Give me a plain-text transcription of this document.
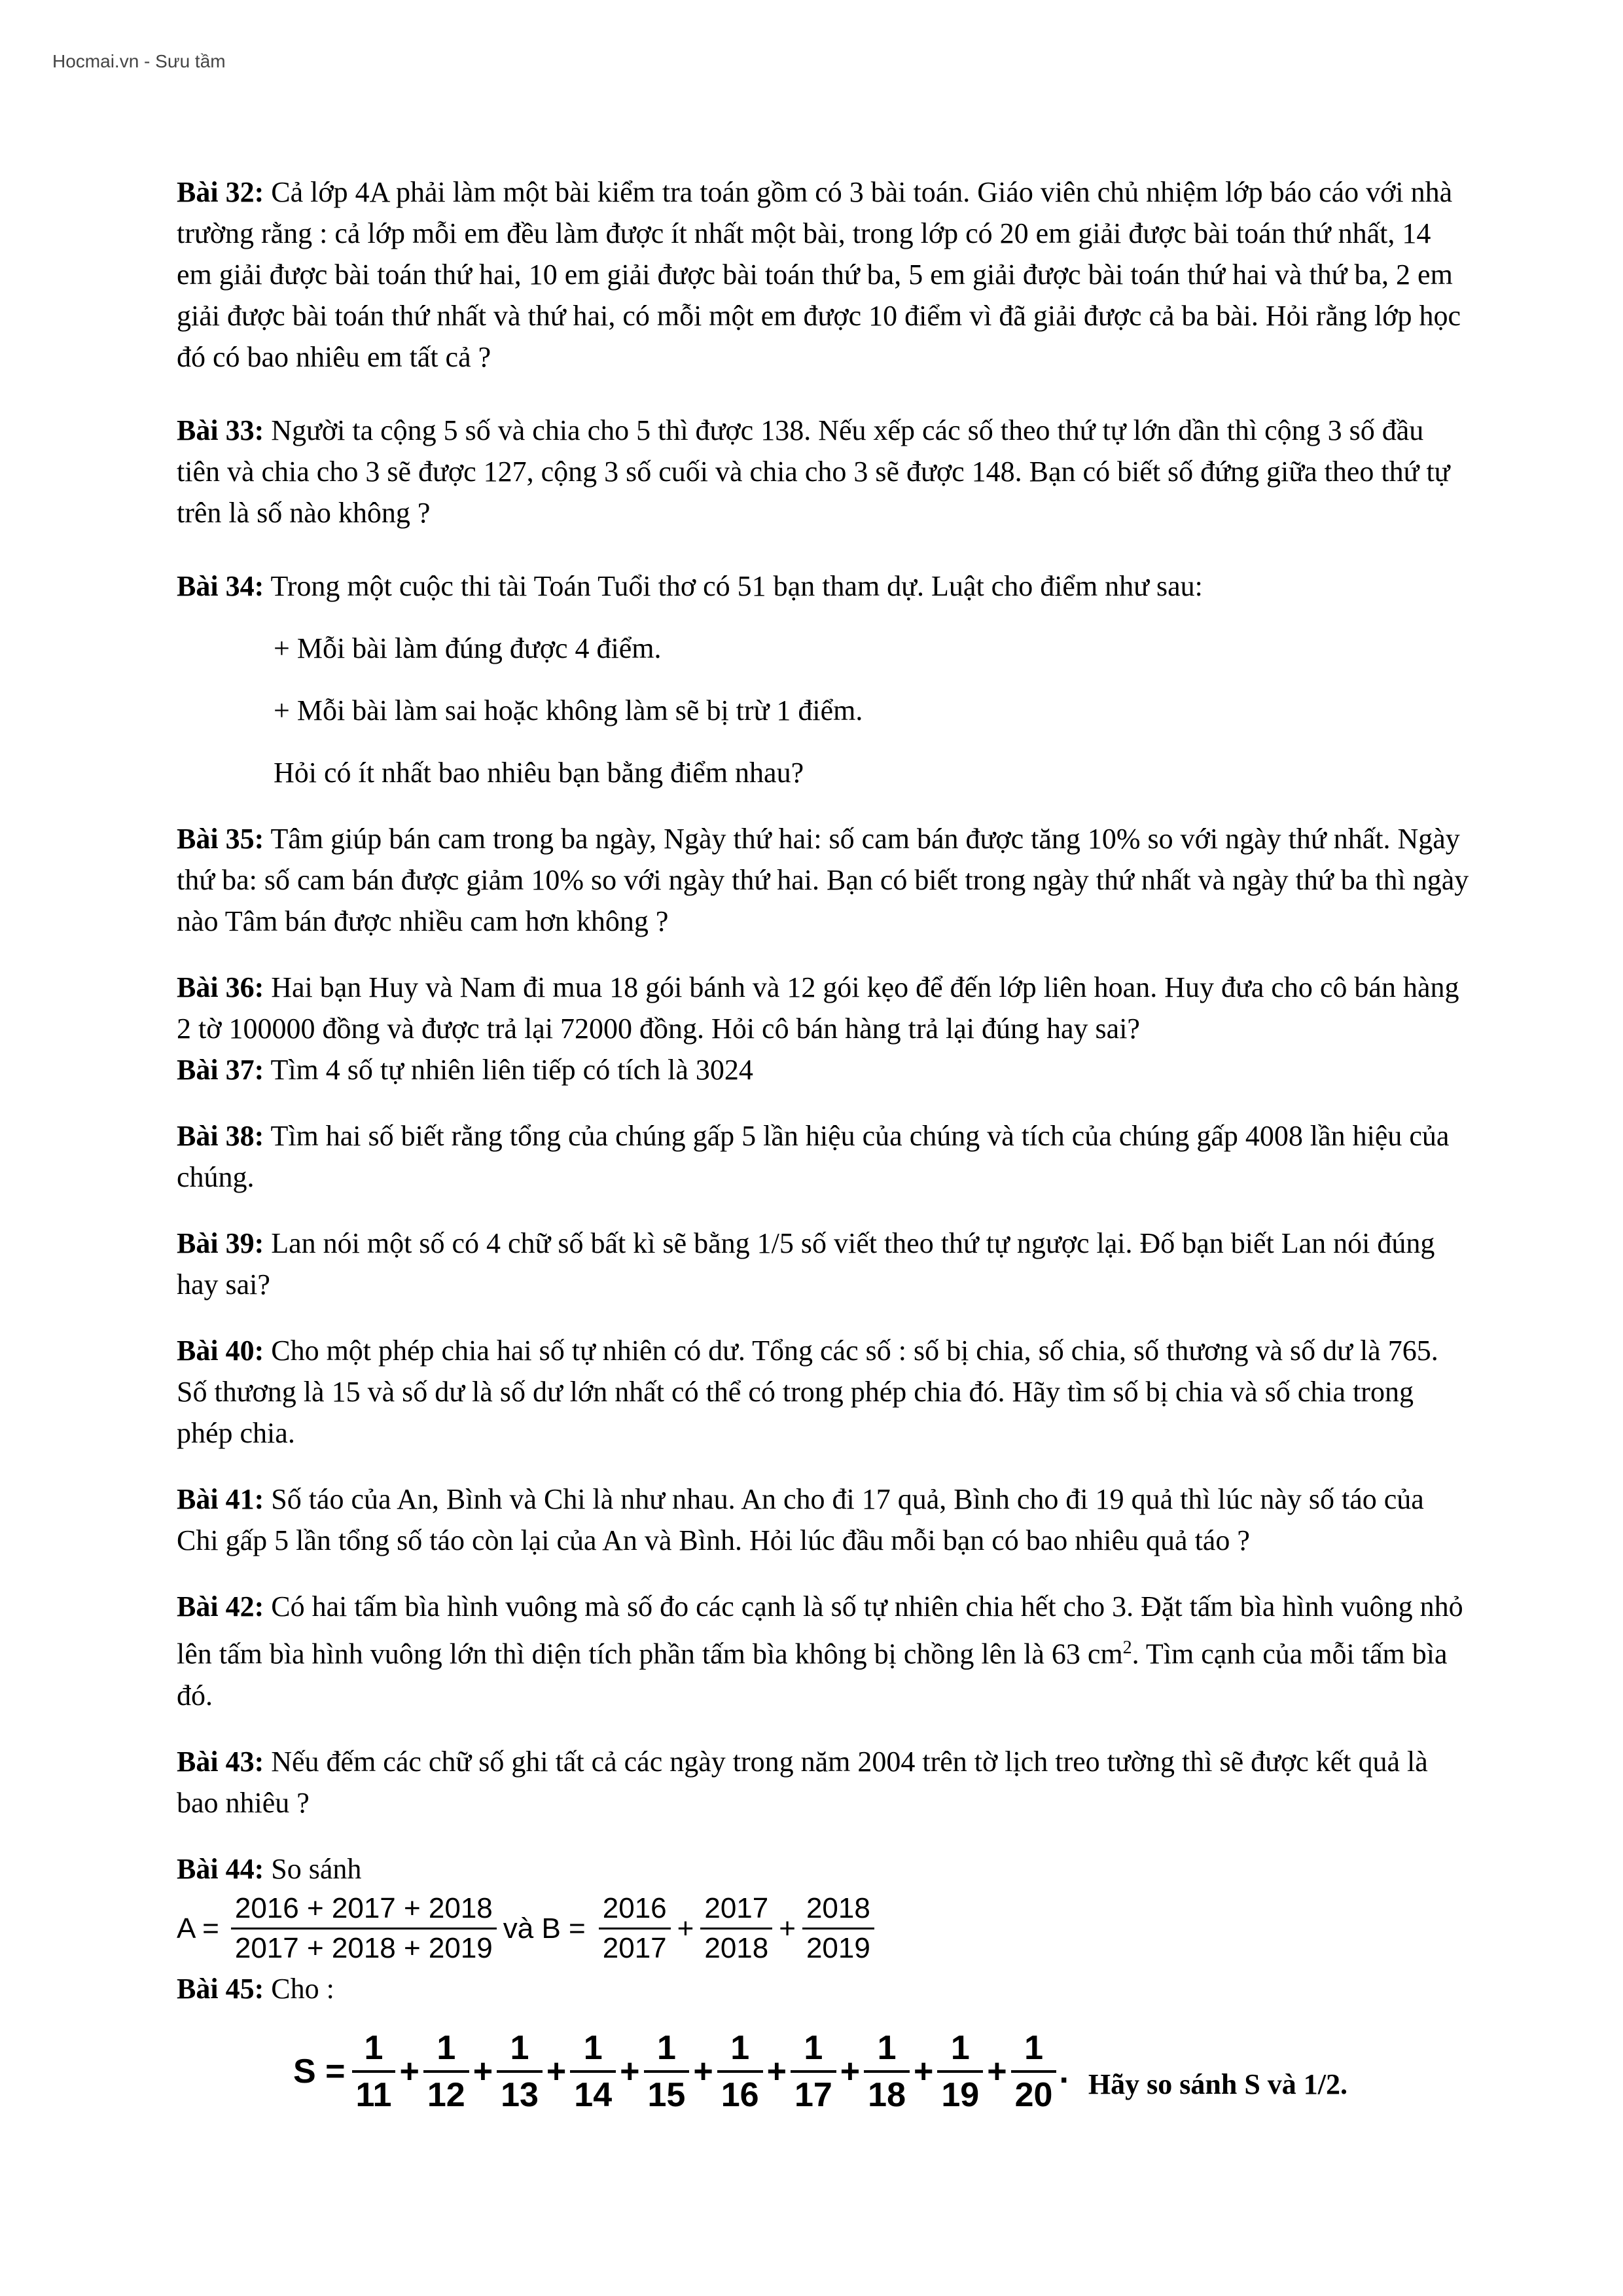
Hocmai.vn - Sưu tầm
Bài 32: Cả lớp 4A phải làm một bài kiểm tra toán gồm có 3 bài toán. Giáo viên chủ nhiệm lớp báo cáo với nhà
trường rằng : cả lớp mỗi em đều làm được ít nhất một bài, trong lớp có 20 em giải được bài toán thứ nhất, 14
em giải được bài toán thứ hai, 10 em giải được bài toán thứ ba, 5 em giải được bài toán thứ hai và thứ ba, 2 em
giải được bài toán thứ nhất và thứ hai, có mỗi một em được 10 điểm vì đã giải được cả ba bài. Hỏi rằng lớp học
đó có bao nhiêu em tất cả ?
Bài 33: Người ta cộng 5 số và chia cho 5 thì được 138. Nếu xếp các số theo thứ tự lớn dần thì cộng 3 số đầu
tiên và chia cho 3 sẽ được 127, cộng 3 số cuối và chia cho 3 sẽ được 148. Bạn có biết số đứng giữa theo thứ tự
trên là số nào không ?
Bài 34: Trong một cuộc thi tài Toán Tuổi thơ có 51 bạn tham dự. Luật cho điểm như sau:
+ Mỗi bài làm đúng được 4 điểm.
+ Mỗi bài làm sai hoặc không làm sẽ bị trừ 1 điểm.
Hỏi có ít nhất bao nhiêu bạn bằng điểm nhau?
Bài 35: Tâm giúp bán cam trong ba ngày, Ngày thứ hai: số cam bán được tăng 10% so với ngày thứ nhất. Ngày
thứ ba: số cam bán được giảm 10% so với ngày thứ hai. Bạn có biết trong ngày thứ nhất và ngày thứ ba thì ngày
nào Tâm bán được nhiều cam hơn không ?
Bài 36: Hai bạn Huy và Nam đi mua 18 gói bánh và 12 gói kẹo để đến lớp liên hoan. Huy đưa cho cô bán hàng
2 tờ 100000 đồng và được trả lại 72000 đồng. Hỏi cô bán hàng trả lại đúng hay sai?
Bài 37: Tìm 4 số tự nhiên liên tiếp có tích là 3024
Bài 38: Tìm hai số biết rằng tổng của chúng gấp 5 lần hiệu của chúng và tích của chúng gấp 4008 lần hiệu của
chúng.
Bài 39: Lan nói một số có 4 chữ số bất kì sẽ bằng 1/5 số viết theo thứ tự ngược lại. Đố bạn biết Lan nói đúng
hay sai?
Bài 40: Cho một phép chia hai số tự nhiên có dư. Tổng các số : số bị chia, số chia, số thương và số dư là 765.
Số thương là 15 và số dư là số dư lớn nhất có thể có trong phép chia đó. Hãy tìm số bị chia và số chia trong
phép chia.
Bài 41: Số táo của An, Bình và Chi là như nhau. An cho đi 17 quả, Bình cho đi 19 quả thì lúc này số táo của
Chi gấp 5 lần tổng số táo còn lại của An và Bình. Hỏi lúc đầu mỗi bạn có bao nhiêu quả táo ?
Bài 42: Có hai tấm bìa hình vuông mà số đo các cạnh là số tự nhiên chia hết cho 3. Đặt tấm bìa hình vuông nhỏ
lên tấm bìa hình vuông lớn thì diện tích phần tấm bìa không bị chồng lên là 63 $cm^2$. Tìm cạnh của mỗi tấm bìa
đó.
Bài 43: Nếu đếm các chữ số ghi tất cả các ngày trong năm 2004 trên tờ lịch treo tường thì sẽ được kết quả là
bao nhiêu ?
Bài 44: So sánh
$A = \frac{2016 + 2017 + 2018}{2017 + 2018 + 2019}$ và $B = \frac{2016}{2017} + \frac{2017}{2018} + \frac{2018}{2019}$
Bài 45: Cho :
$S = \frac{1}{11} + \frac{1}{12} + \frac{1}{13} + \frac{1}{14} + \frac{1}{15} + \frac{1}{16} + \frac{1}{17} + \frac{1}{18} + \frac{1}{19} + \frac{1}{20}$ . Hãy so sánh S và 1/2.
